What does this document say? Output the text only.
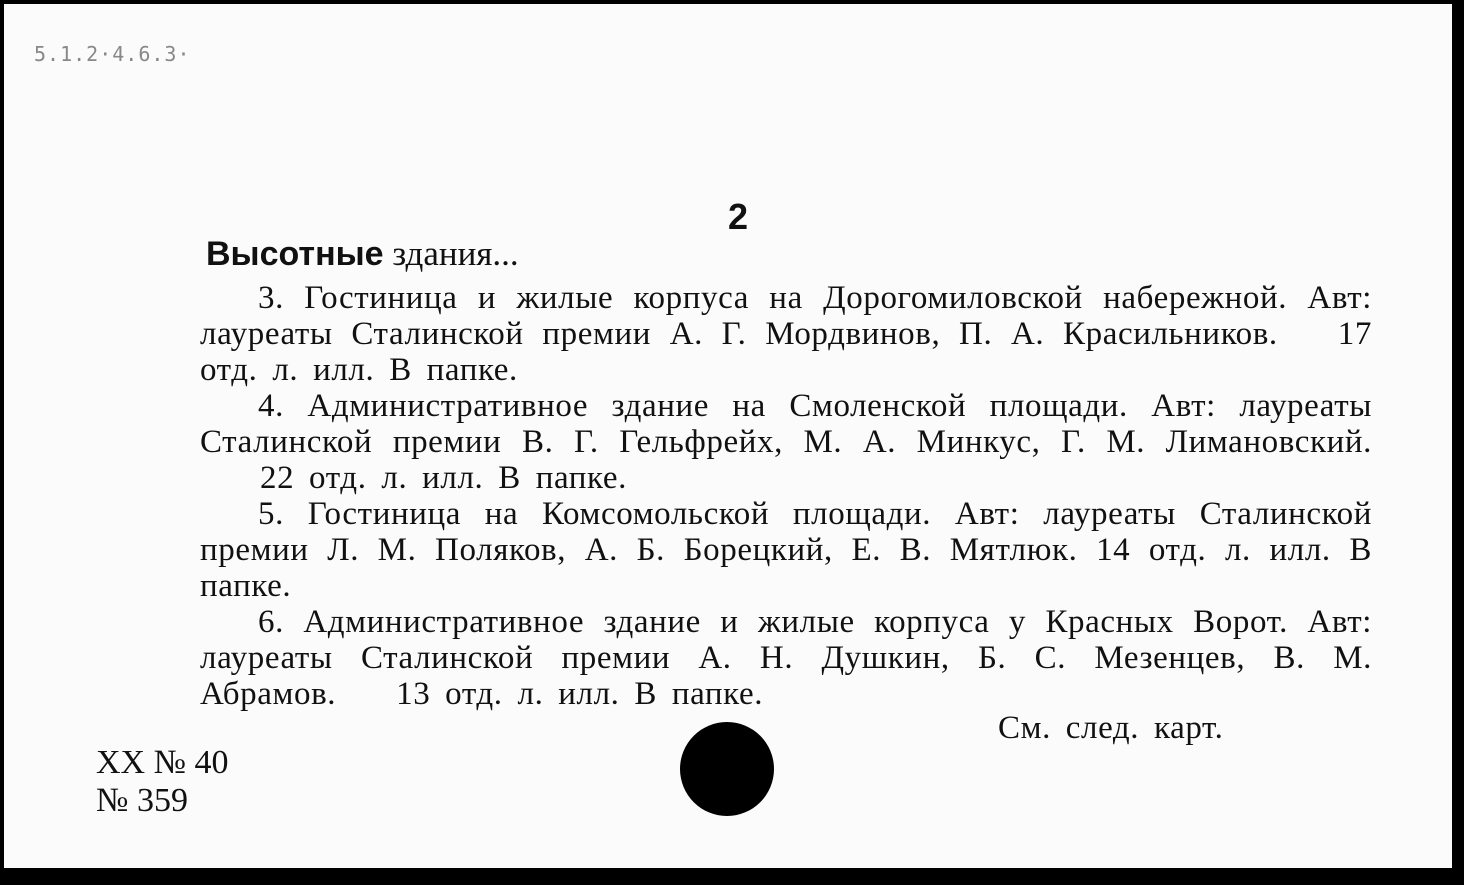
5.1.2·4.6.3·
2
Высотные здания...

3. Гостиница и жилые корпуса на Дорогомиловской набережной. Авт: лауреаты Сталинской премии А. Г. Мордвинов, П. А. Красильников. 17 отд. л. илл. В папке.

4. Административное здание на Смоленской площади. Авт: лауреаты Сталинской премии В. Г. Гельфрейх, М. А. Минкус, Г. М. Лимановский.22 отд. л. илл. В папке.

5. Гостиница на Комсомольской площади. Авт: лауреаты Сталинской премии Л. М. Поляков, А. Б. Борецкий, Е. В. Мятлюк. 14 отд. л. илл. В папке.

6. Административное здание и жилые корпуса у Красных Ворот. Авт: лауреаты Сталинской премии А. Н. Душкин, Б. С. Мезенцев, В. М. Абрамов. 13 отд. л. илл. В папке.

См. след. карт.
XX № 40
№ 359
